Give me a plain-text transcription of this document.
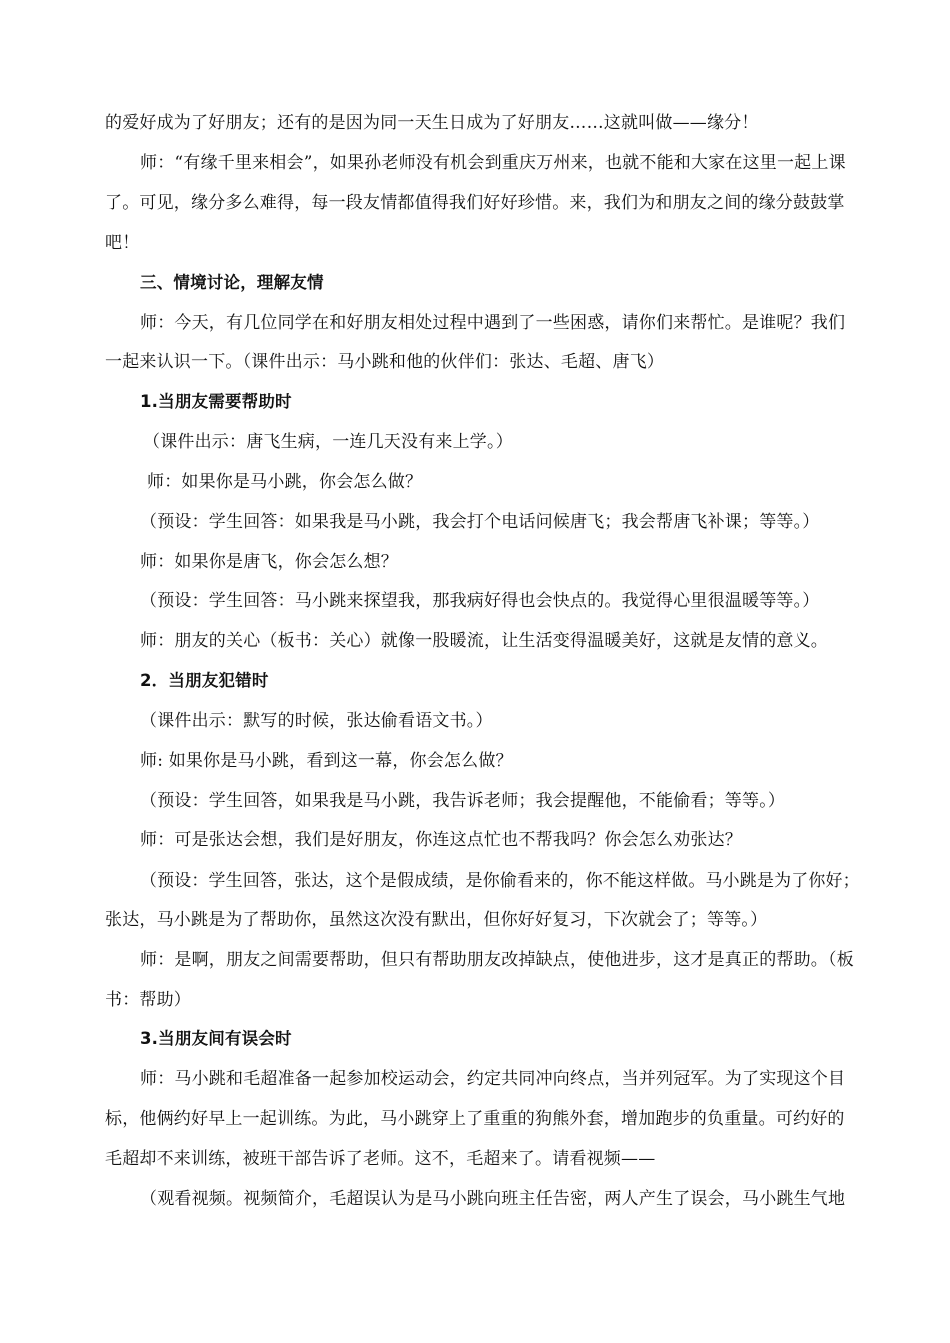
的爱好成为了好朋友；还有的是因为同一天生日成为了好朋友……这就叫做——缘分！
师：“有缘千里来相会”，如果孙老师没有机会到重庆万州来，也就不能和大家在这里一起上课
了。可见，缘分多么难得，每一段友情都值得我们好好珍惜。来，我们为和朋友之间的缘分鼓鼓掌
吧！
三、情境讨论，理解友情
师：今天，有几位同学在和好朋友相处过程中遇到了一些困惑，请你们来帮忙。是谁呢？我们
一起来认识一下。（课件出示：马小跳和他的伙伴们：张达、毛超、唐飞）
1.当朋友需要帮助时
（课件出示：唐飞生病，一连几天没有来上学。）
师：如果你是马小跳，你会怎么做？
（预设：学生回答：如果我是马小跳，我会打个电话问候唐飞；我会帮唐飞补课；等等。）
师：如果你是唐飞，你会怎么想？
（预设：学生回答：马小跳来探望我，那我病好得也会快点的。我觉得心里很温暖等等。）
师：朋友的关心（板书：关心）就像一股暖流，让生活变得温暖美好，这就是友情的意义。
2．当朋友犯错时
（课件出示：默写的时候，张达偷看语文书。）
师: 如果你是马小跳，看到这一幕，你会怎么做？
（预设：学生回答，如果我是马小跳，我告诉老师；我会提醒他，不能偷看；等等。）
师：可是张达会想，我们是好朋友，你连这点忙也不帮我吗？你会怎么劝张达？
（预设：学生回答，张达，这个是假成绩，是你偷看来的，你不能这样做。马小跳是为了你好；
张达，马小跳是为了帮助你，虽然这次没有默出，但你好好复习，下次就会了；等等。）
师：是啊，朋友之间需要帮助，但只有帮助朋友改掉缺点，使他进步，这才是真正的帮助。（板
书：帮助）
3.当朋友间有误会时
师：马小跳和毛超准备一起参加校运动会，约定共同冲向终点，当并列冠军。为了实现这个目
标，他俩约好早上一起训练。为此，马小跳穿上了重重的狗熊外套，增加跑步的负重量。可约好的
毛超却不来训练，被班干部告诉了老师。这不，毛超来了。请看视频——
（观看视频。视频简介，毛超误认为是马小跳向班主任告密，两人产生了误会，马小跳生气地
